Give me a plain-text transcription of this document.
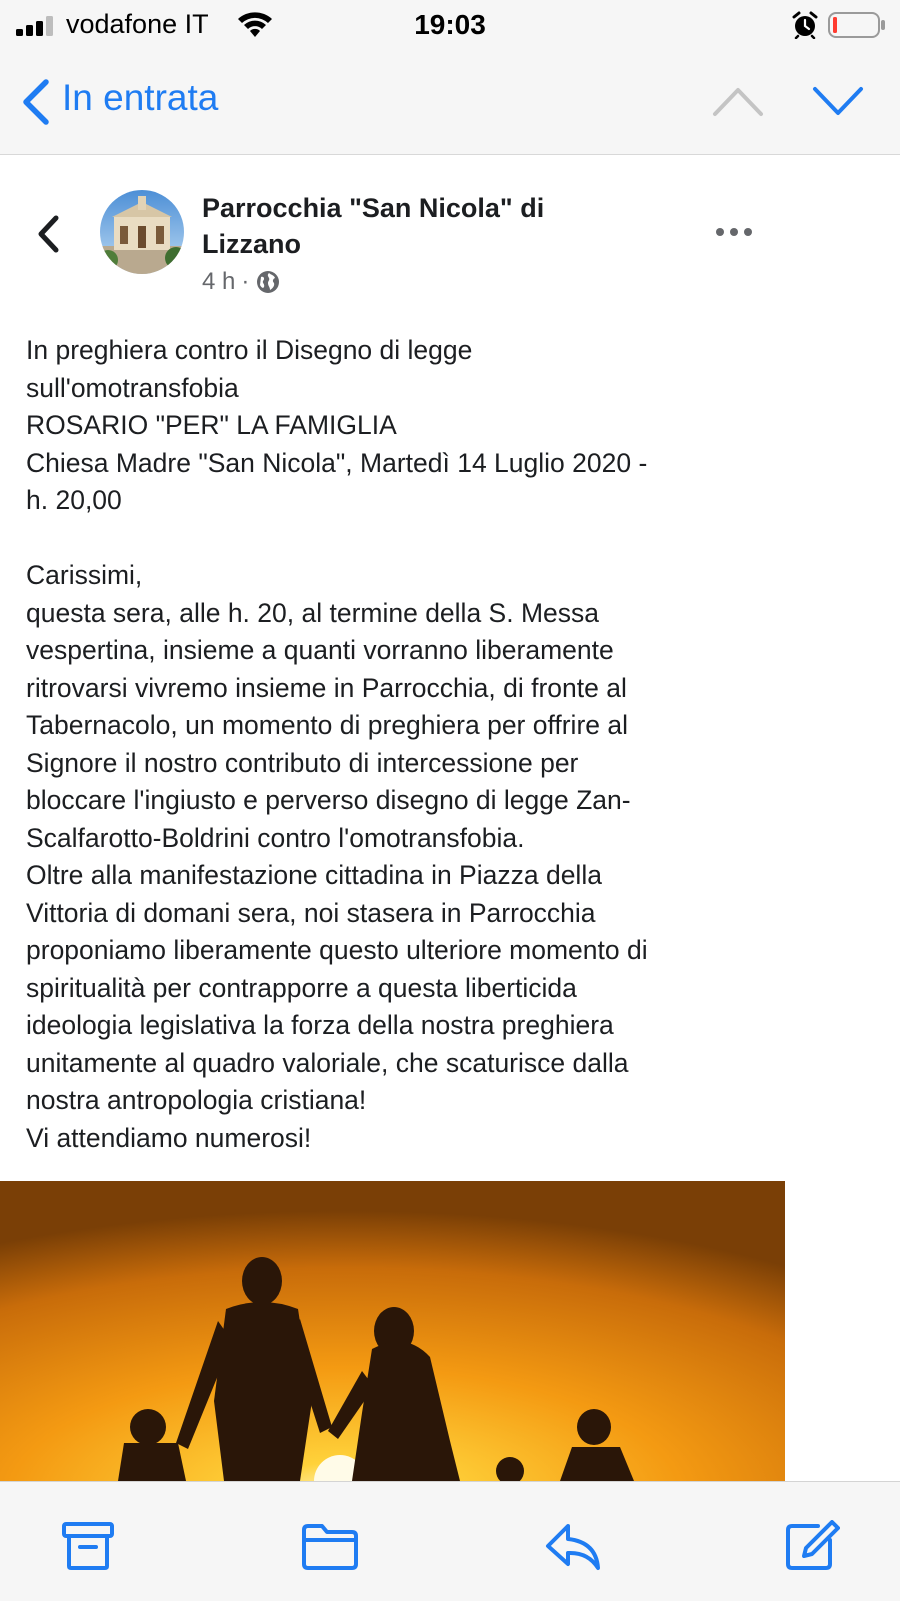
vodafone IT	19:03
In entrata
Parrocchia "San Nicola" di Lizzano
4 h ·
In preghiera contro il Disegno di legge
sull'omotransfobia
ROSARIO "PER" LA FAMIGLIA
Chiesa Madre "San Nicola", Martedì 14 Luglio 2020 -
h. 20,00

Carissimi,
questa sera, alle h. 20, al termine della S. Messa
vespertina, insieme a quanti vorranno liberamente
ritrovarsi vivremo insieme in Parrocchia, di fronte al
Tabernacolo, un momento di preghiera per offrire al
Signore il nostro contributo di intercessione per
bloccare l'ingiusto e perverso disegno di legge Zan-
Scalfarotto-Boldrini contro l'omotransfobia.
Oltre alla manifestazione cittadina in Piazza della
Vittoria di domani sera, noi stasera in Parrocchia
proponiamo liberamente questo ulteriore momento di
spiritualità per contrapporre a questa liberticida
ideologia legislativa la forza della nostra preghiera
unitamente al quadro valoriale, che scaturisce dalla
nostra antropologia cristiana!
Vi attendiamo numerosi!
